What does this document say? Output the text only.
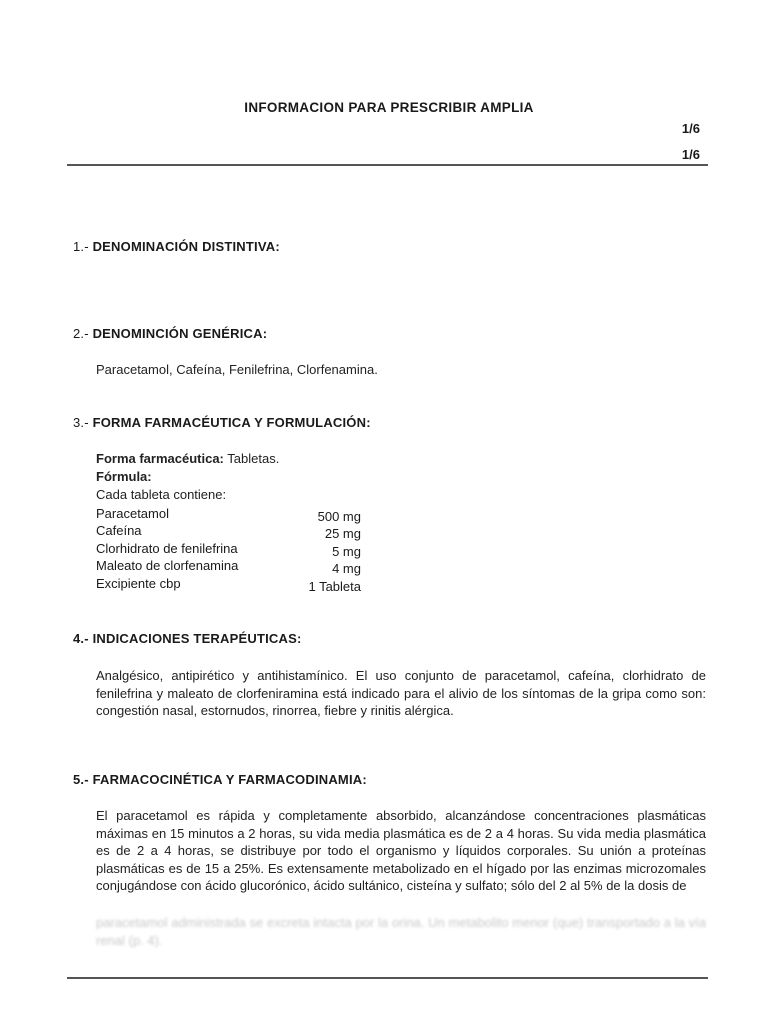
INFORMACION PARA PRESCRIBIR AMPLIA
1/6
1/6
1.- DENOMINACIÓN DISTINTIVA:
2.- DENOMINCIÓN GENÉRICA:
Paracetamol, Cafeína, Fenilefrina, Clorfenamina.
3.- FORMA FARMACÉUTICA Y FORMULACIÓN:
Forma farmacéutica: Tabletas.
Fórmula:
Cada tableta contiene:
Paracetamol	500 mg
Cafeína	25 mg
Clorhidrato de fenilefrina	5 mg
Maleato de clorfenamina	4 mg
Excipiente cbp	1 Tableta
4.- INDICACIONES TERAPÉUTICAS:
Analgésico, antipirético y antihistamínico. El uso conjunto de paracetamol, cafeína, clorhidrato de fenilefrina y maleato de clorfeniramina está indicado para el alivio de los síntomas de la gripa como son: congestión nasal, estornudos, rinorrea, fiebre y rinitis alérgica.
5.- FARMACOCINÉTICA Y FARMACODINAMIA:
El paracetamol es rápida y completamente absorbido, alcanzándose concentraciones plasmáticas máximas en 15 minutos a 2 horas, su vida media plasmática es de 2 a 4 horas. Su vida media plasmática es de 2 a 4 horas, se distribuye por todo el organismo y líquidos corporales. Su unión a proteínas plasmáticas es de 15 a 25%. Es extensamente metabolizado en el hígado por las enzimas microzomales conjugándose con ácido glucorónico, ácido sultánico, cisteína y sulfato; sólo del 2 al 5% de la dosis de
paracetamol administrada se excreta intacta por la orina. Un metabolito menor (que) transportado a la vía renal (p. 4).
